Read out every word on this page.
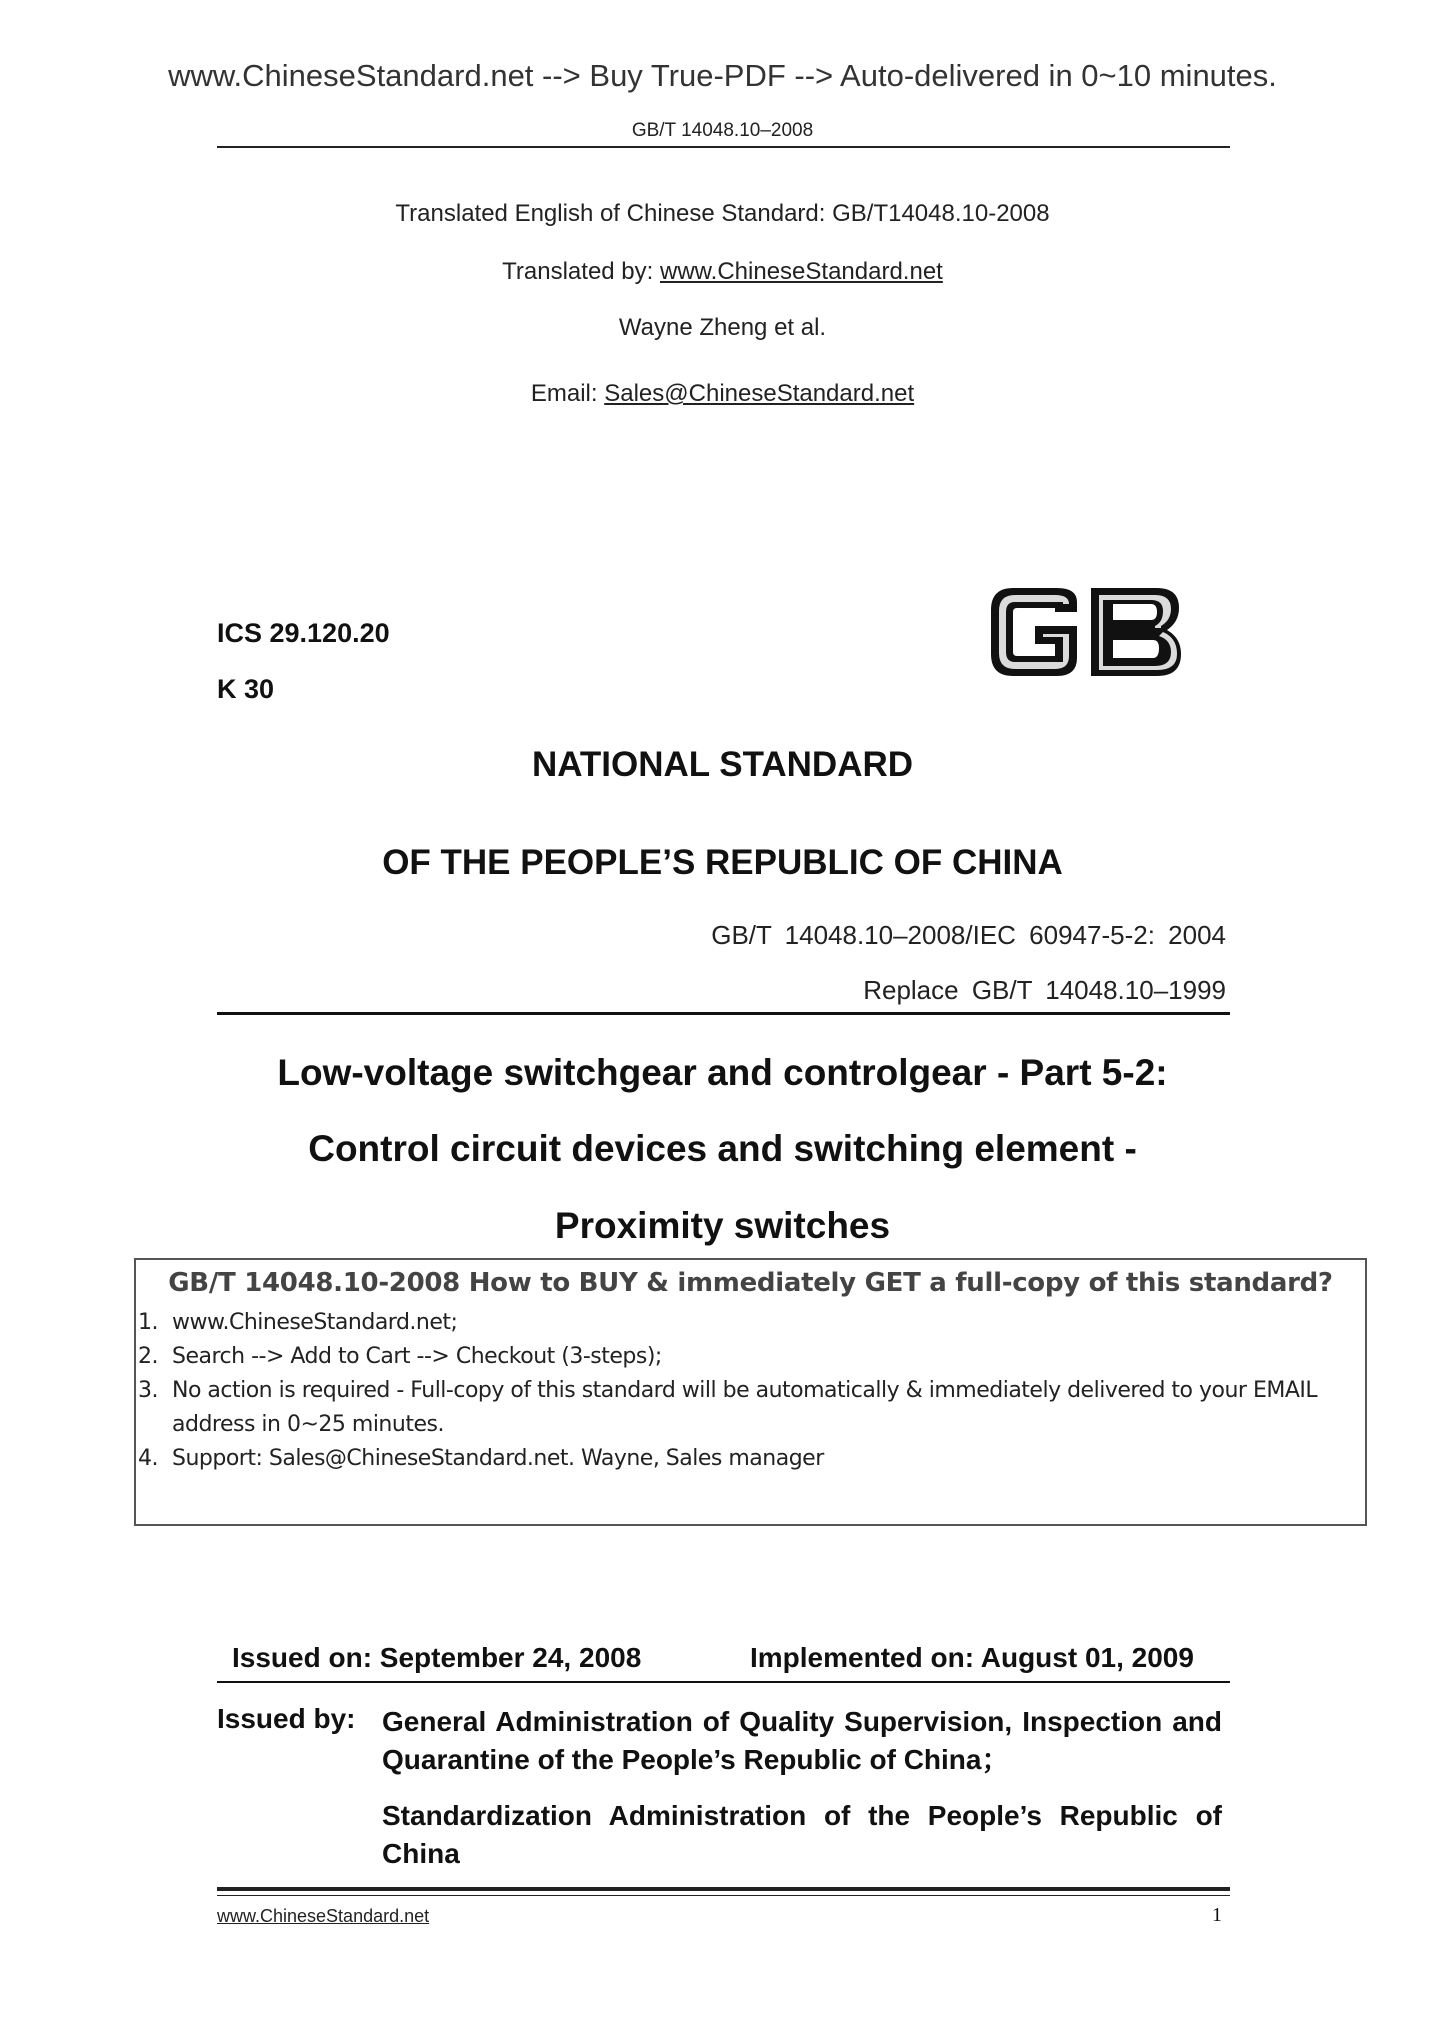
www.ChineseStandard.net --> Buy True-PDF --> Auto-delivered in 0~10 minutes.
GB/T 14048.10–2008
Translated English of Chinese Standard: GB/T14048.10-2008
Translated by: www.ChineseStandard.net
Wayne Zheng et al.
Email: Sales@ChineseStandard.net
ICS 29.120.20
K 30
NATIONAL STANDARD
OF THE PEOPLE’S REPUBLIC OF CHINA
GB/T 14048.10–2008/IEC 60947-5-2: 2004
Replace GB/T 14048.10–1999
Low-voltage switchgear and controlgear - Part 5-2:
Control circuit devices and switching element -
Proximity switches
GB/T 14048.10-2008 How to BUY & immediately GET a full-copy of this standard?
1. www.ChineseStandard.net;
2. Search --> Add to Cart --> Checkout (3-steps);
3. No action is required - Full-copy of this standard will be automatically & immediately delivered to your EMAIL address in 0~25 minutes.
4. Support: Sales@ChineseStandard.net. Wayne, Sales manager
Issued on: September 24, 2008	Implemented on: August 01, 2009
Issued by: General Administration of Quality Supervision, Inspection and Quarantine of the People’s Republic of China；
Standardization Administration of the People’s Republic of China
www.ChineseStandard.net	1
